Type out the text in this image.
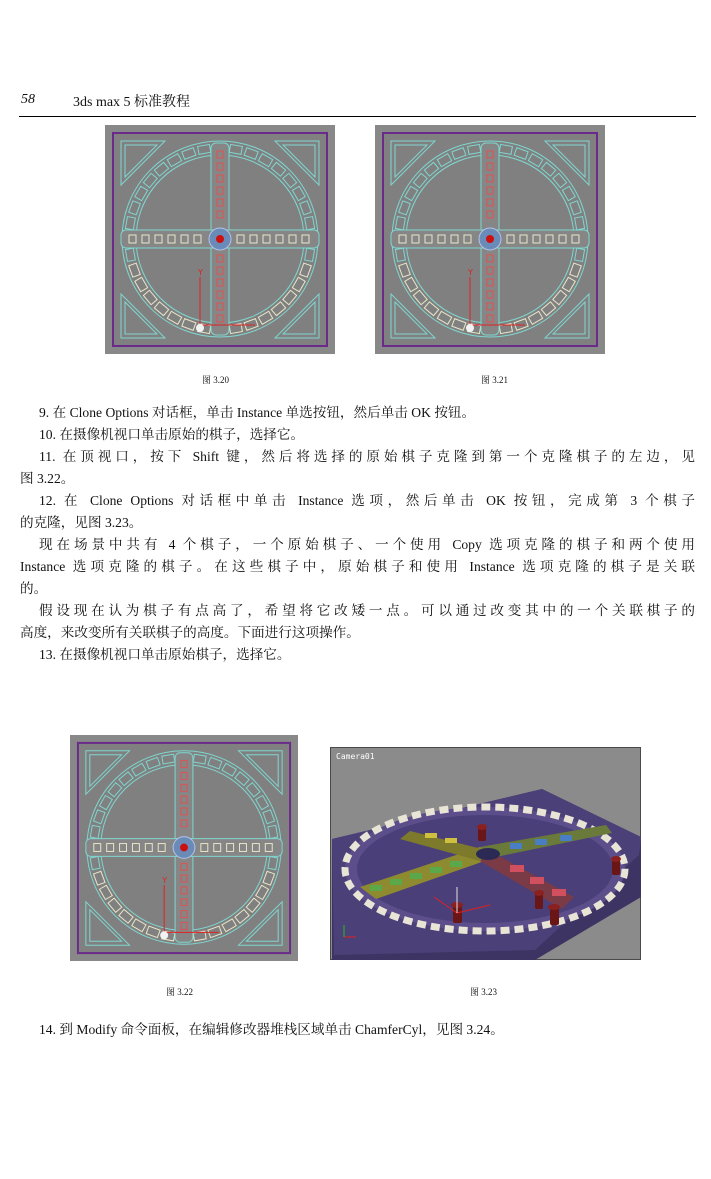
58	3ds max 5 标准教程
Y
图 3.20
Y
图 3.21
9. 在 Clone Options 对话框，单击 Instance 单选按钮，然后单击 OK 按钮。
10. 在摄像机视口单击原始的棋子，选择它。
11. 在顶视口，按下 Shift 键，然后将选择的原始棋子克隆到第一个克隆棋子的左边，见
图 3.22。
12. 在 Clone Options 对话框中单击 Instance 选项，然后单击 OK 按钮，完成第 3 个棋子
的克隆，见图 3.23。
现在场景中共有 4 个棋子，一个原始棋子、一个使用 Copy 选项克隆的棋子和两个使用
Instance 选项克隆的棋子。在这些棋子中，原始棋子和使用 Instance 选项克隆的棋子是关联
的。
假设现在认为棋子有点高了，希望将它改矮一点。可以通过改变其中的一个关联棋子的
高度，来改变所有关联棋子的高度。下面进行这项操作。
13. 在摄像机视口单击原始棋子，选择它。
Y
图 3.22
Camera01
图 3.23
14. 到 Modify 命令面板，在编辑修改器堆栈区域单击 ChamferCyl，见图 3.24。
